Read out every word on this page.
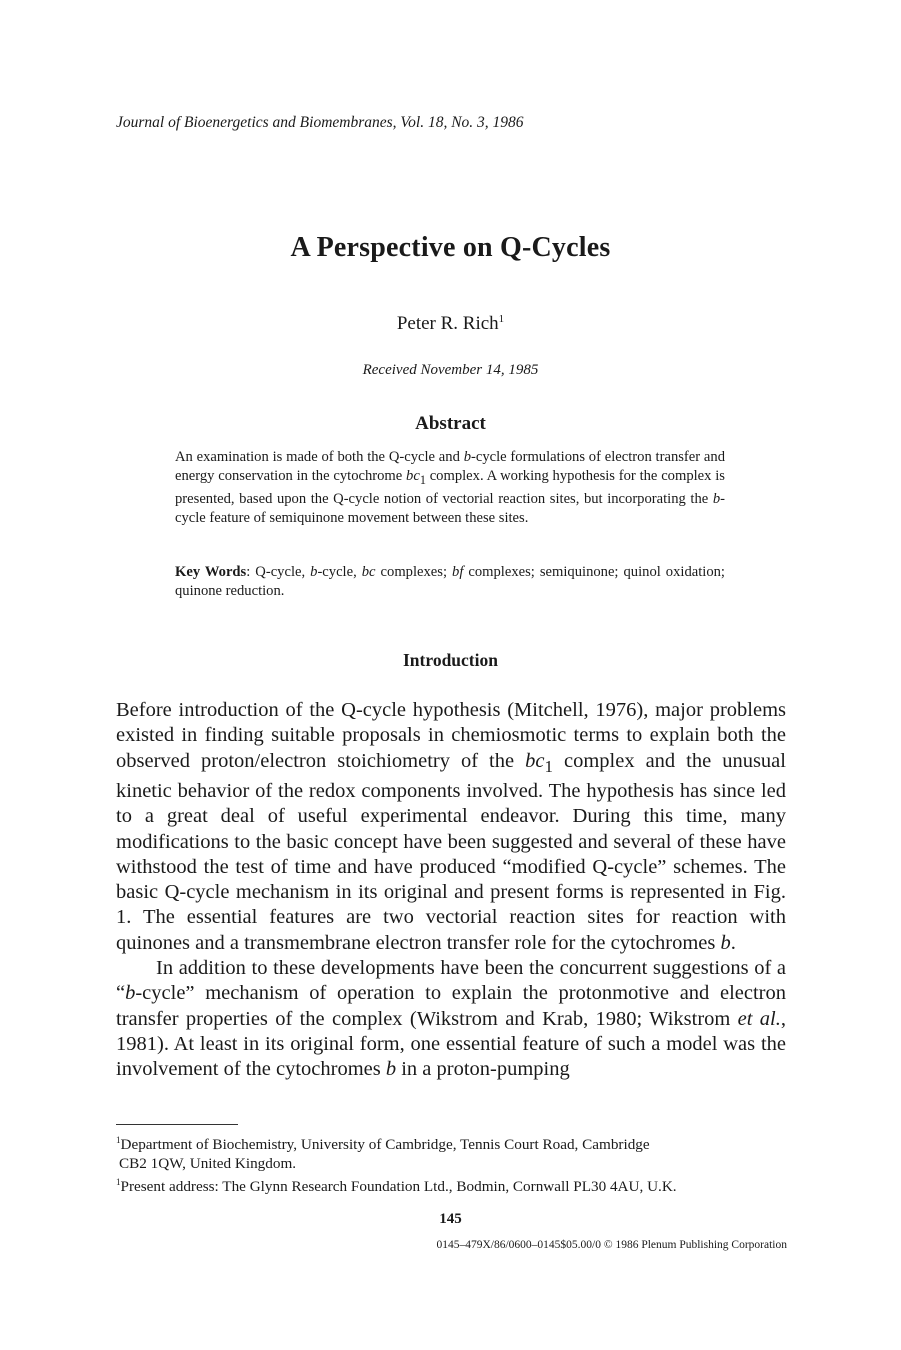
Journal of Bioenergetics and Biomembranes, Vol. 18, No. 3, 1986
A Perspective on Q-Cycles
Peter R. Rich$^1$
Received November 14, 1985
Abstract
An examination is made of both the Q-cycle and b-cycle formulations of electron transfer and energy conservation in the cytochrome $bc_1$ complex. A working hypothesis for the complex is presented, based upon the Q-cycle notion of vectorial reaction sites, but incorporating the b-cycle feature of semiquinone movement between these sites.
Key Words: Q-cycle, b-cycle, bc complexes; bf complexes; semiquinone; quinol oxidation; quinone reduction.
Introduction

Before introduction of the Q-cycle hypothesis (Mitchell, 1976), major problems existed in finding suitable proposals in chemiosmotic terms to explain both the observed proton/electron stoichiometry of the $bc_1$ complex and the unusual kinetic behavior of the redox components involved. The hypothesis has since led to a great deal of useful experimental endeavor. During this time, many modifications to the basic concept have been suggested and several of these have withstood the test of time and have produced “modified Q-cycle” schemes. The basic Q-cycle mechanism in its original and present forms is represented in Fig. 1. The essential features are two vectorial reaction sites for reaction with quinones and a transmembrane electron transfer role for the cytochromes b.

In addition to these developments have been the concurrent suggestions of a “b-cycle” mechanism of operation to explain the protonmotive and electron transfer properties of the complex (Wikstrom and Krab, 1980; Wikstrom et al., 1981). At least in its original form, one essential feature of such a model was the involvement of the cytochromes b in a proton-pumping

$^1$Department of Biochemistry, University of Cambridge, Tennis Court Road, Cambridge

CB2 1QW, United Kingdom.

$^1$Present address: The Glynn Research Foundation Ltd., Bodmin, Cornwall PL30 4AU, U.K.

145
0145–479X/86/0600–0145$05.00/0 © 1986 Plenum Publishing Corporation
